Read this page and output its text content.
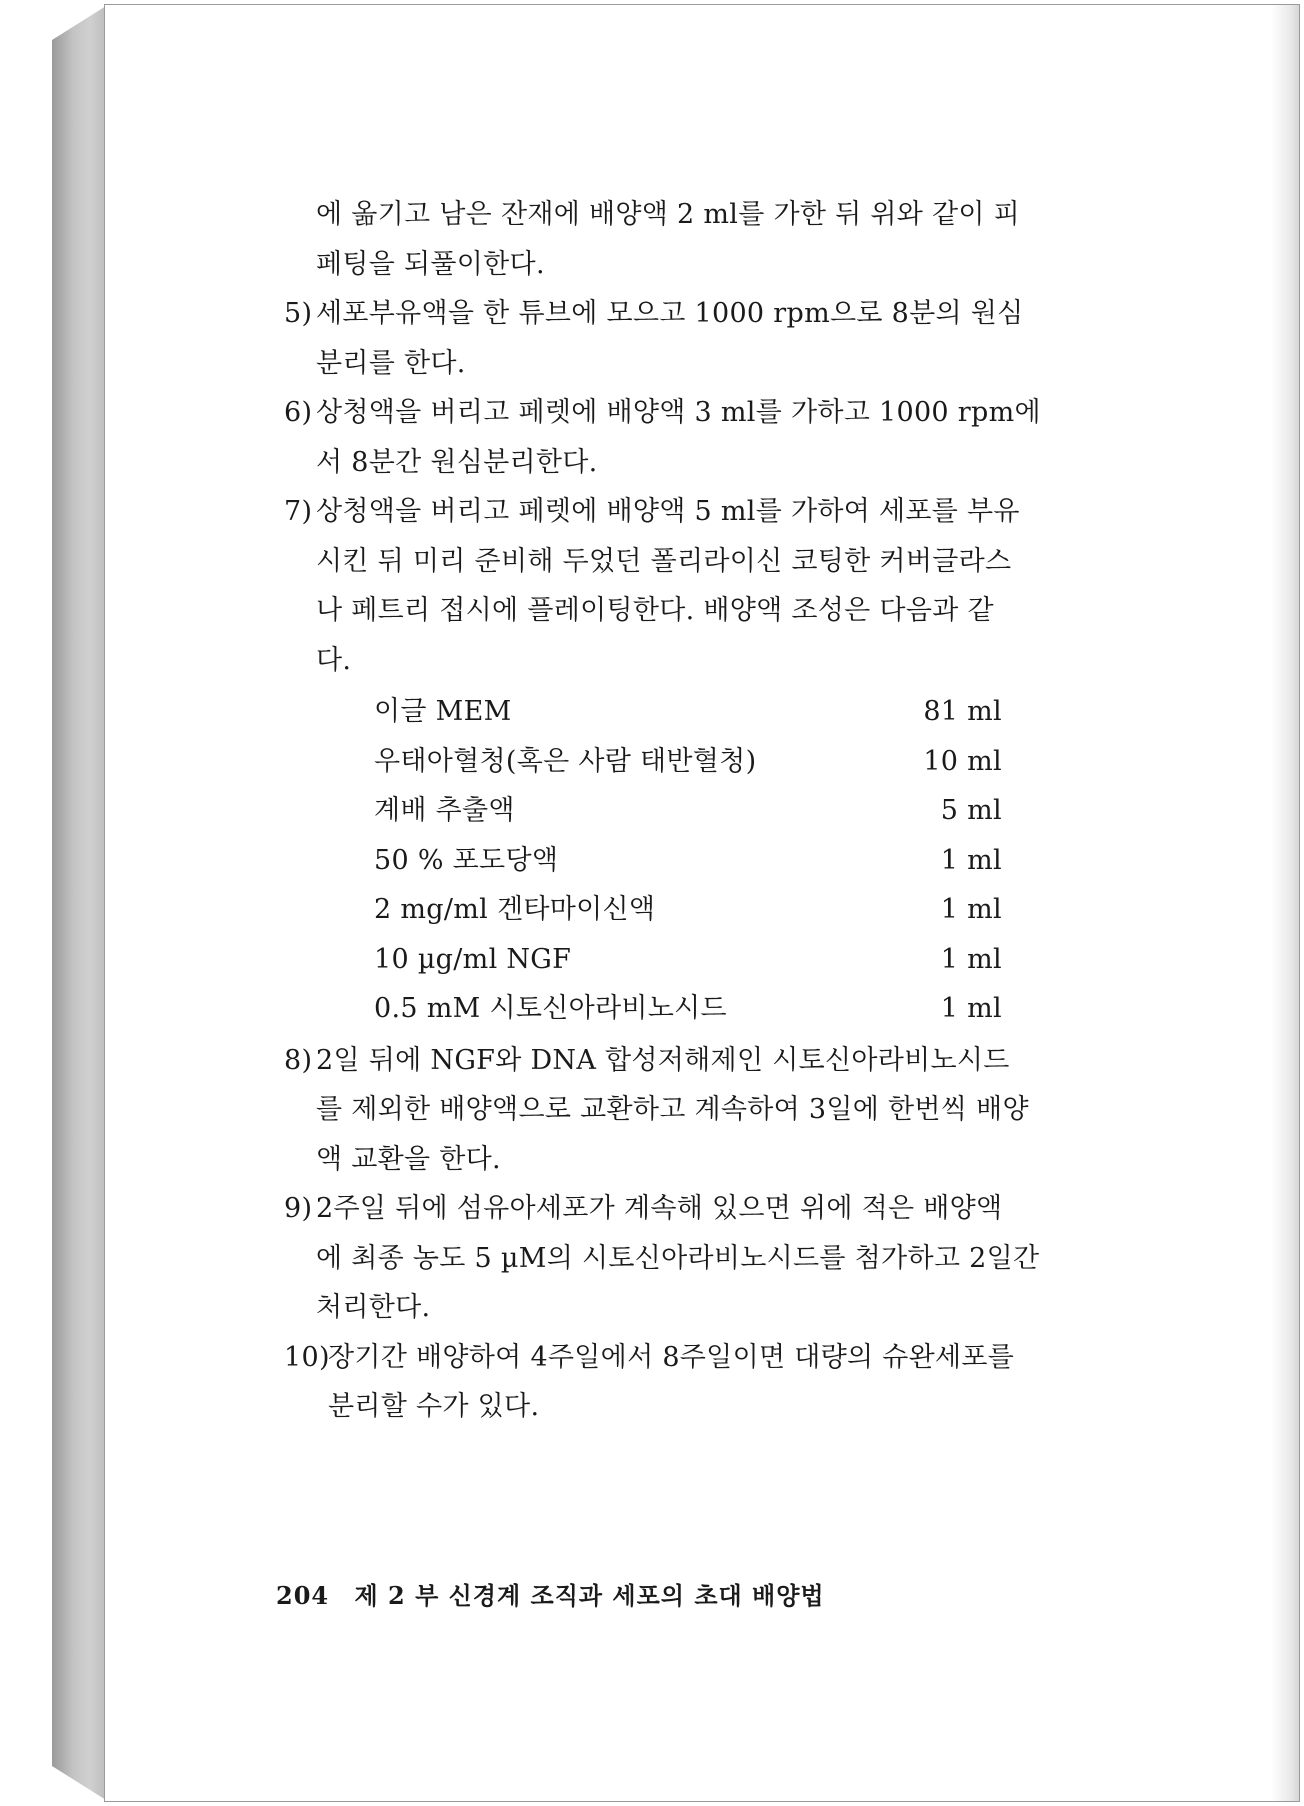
에 옮기고 남은 잔재에 배양액 2 ml를 가한 뒤 위와 같이 피
페팅을 되풀이한다.
5) 세포부유액을 한 튜브에 모으고 1000 rpm으로 8분의 원심
분리를 한다.
6) 상청액을 버리고 페렛에 배양액 3 ml를 가하고 1000 rpm에
서 8분간 원심분리한다.
7) 상청액을 버리고 페렛에 배양액 5 ml를 가하여 세포를 부유
시킨 뒤 미리 준비해 두었던 폴리라이신 코팅한 커버글라스
나 페트리 접시에 플레이팅한다. 배양액 조성은 다음과 같
다.
이글 MEM	81 ml
우태아혈청(혹은 사람 태반혈청)	10 ml
계배 추출액	5 ml
50 % 포도당액	1 ml
2 mg/ml 겐타마이신액	1 ml
10 µg/ml NGF	1 ml
0.5 mM 시토신아라비노시드	1 ml
8) 2일 뒤에 NGF와 DNA 합성저해제인 시토신아라비노시드
를 제외한 배양액으로 교환하고 계속하여 3일에 한번씩 배양
액 교환을 한다.
9) 2주일 뒤에 섬유아세포가 계속해 있으면 위에 적은 배양액
에 최종 농도 5 µM의 시토신아라비노시드를 첨가하고 2일간
처리한다.
10)
장기간 배양하여 4주일에서 8주일이면 대량의 슈완세포를
분리할 수가 있다.
204 제 2 부 신경계 조직과 세포의 초대 배양법
